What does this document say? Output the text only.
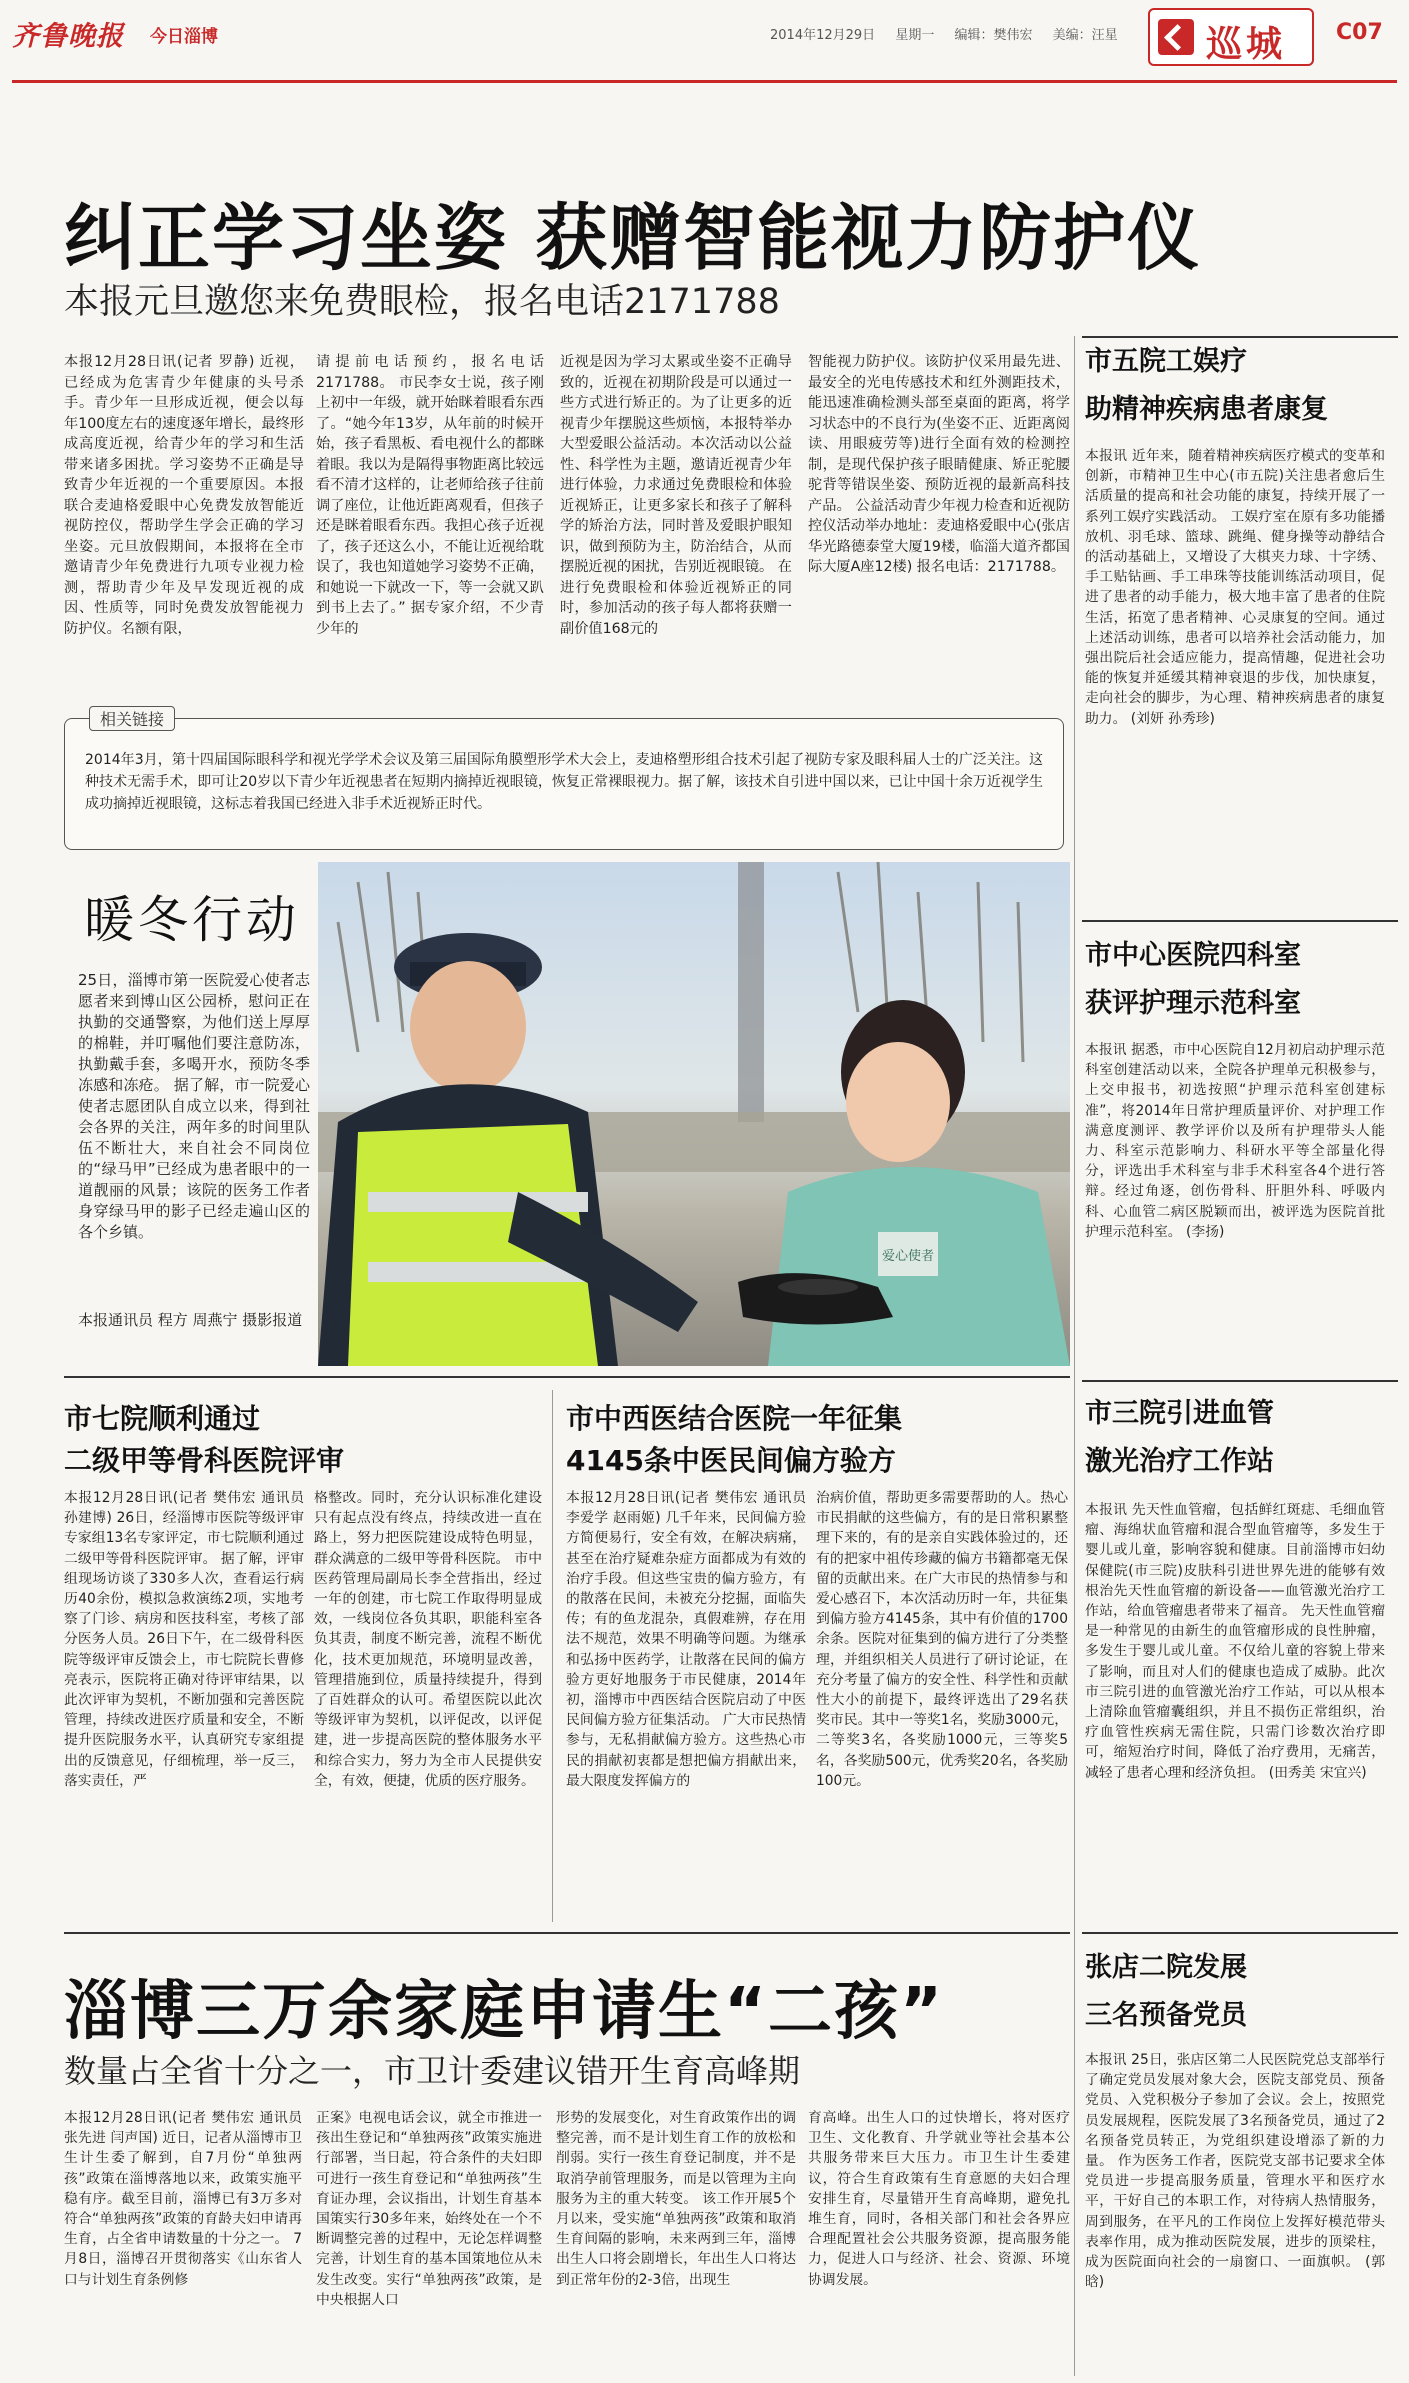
齐鲁晚报 今日淄博	2014年12月29日 星期一 编辑：樊伟宏 美编：汪星	巡城 C07
纠正学习坐姿 获赠智能视力防护仪
本报元旦邀您来免费眼检，报名电话2171788
本报12月28日讯(记者 罗静) 近视，已经成为危害青少年健康的头号杀手。青少年一旦形成近视，便会以每年100度左右的速度逐年增长，最终形成高度近视，给青少年的学习和生活带来诸多困扰。学习姿势不正确是导致青少年近视的一个重要原因。本报联合麦迪格爱眼中心免费发放智能近视防控仪，帮助学生学会正确的学习坐姿。元旦放假期间，本报将在全市邀请青少年免费进行九项专业视力检测，帮助青少年及早发现近视的成因、性质等，同时免费发放智能视力防护仪。名额有限，
请提前电话预约，报名电话2171788。 市民李女士说，孩子刚上初中一年级，就开始眯着眼看东西了。“她今年13岁，从年前的时候开始，孩子看黑板、看电视什么的都眯着眼。我以为是隔得事物距离比较远看不清才这样的，让老师给孩子往前调了座位，让他近距离观看，但孩子还是眯着眼看东西。我担心孩子近视了，孩子还这么小，不能让近视给耽误了，我也知道她学习姿势不正确，和她说一下就改一下，等一会就又趴到书上去了。” 据专家介绍，不少青少年的
近视是因为学习太累或坐姿不正确导致的，近视在初期阶段是可以通过一些方式进行矫正的。为了让更多的近视青少年摆脱这些烦恼，本报特举办大型爱眼公益活动。本次活动以公益性、科学性为主题，邀请近视青少年进行体验，力求通过免费眼检和体验近视矫正，让更多家长和孩子了解科学的矫治方法，同时普及爱眼护眼知识，做到预防为主，防治结合，从而摆脱近视的困扰，告别近视眼镜。 在进行免费眼检和体验近视矫正的同时，参加活动的孩子每人都将获赠一副价值168元的
智能视力防护仪。该防护仪采用最先进、最安全的光电传感技术和红外测距技术，能迅速准确检测头部至桌面的距离，将学习状态中的不良行为(坐姿不正、近距离阅读、用眼疲劳等)进行全面有效的检测控制，是现代保护孩子眼睛健康、矫正驼腰驼背等错误坐姿、预防近视的最新高科技产品。 公益活动青少年视力检查和近视防控仪活动举办地址：麦迪格爱眼中心(张店华光路德泰堂大厦19楼，临淄大道齐都国际大厦A座12楼) 报名电话：2171788。
相关链接
2014年3月，第十四届国际眼科学和视光学学术会议及第三届国际角膜塑形学术大会上，麦迪格塑形组合技术引起了视防专家及眼科届人士的广泛关注。这种技术无需手术，即可让20岁以下青少年近视患者在短期内摘掉近视眼镜，恢复正常裸眼视力。据了解，该技术自引进中国以来，已让中国十余万近视学生成功摘掉近视眼镜，这标志着我国已经进入非手术近视矫正时代。
市五院工娱疗
助精神疾病患者康复
本报讯 近年来，随着精神疾病医疗模式的变革和创新，市精神卫生中心(市五院)关注患者愈后生活质量的提高和社会功能的康复，持续开展了一系列工娱疗实践活动。 工娱疗室在原有多功能播放机、羽毛球、篮球、跳绳、健身操等动静结合的活动基础上，又增设了大棋夹力球、十字绣、手工贴钻画、手工串珠等技能训练活动项目，促进了患者的动手能力，极大地丰富了患者的住院生活，拓宽了患者精神、心灵康复的空间。通过上述活动训练，患者可以培养社会活动能力，加强出院后社会适应能力，提高情趣，促进社会功能的恢复并延缓其精神衰退的步伐，加快康复，走向社会的脚步，为心理、精神疾病患者的康复助力。 (刘妍 孙秀珍)
市中心医院四科室
获评护理示范科室
本报讯 据悉，市中心医院自12月初启动护理示范科室创建活动以来，全院各护理单元积极参与，上交申报书，初选按照“护理示范科室创建标准”，将2014年日常护理质量评价、对护理工作满意度测评、教学评价以及所有护理带头人能力、科室示范影响力、科研水平等全部量化得分，评选出手术科室与非手术科室各4个进行答辩。经过角逐，创伤骨科、肝胆外科、呼吸内科、心血管二病区脱颖而出，被评选为医院首批护理示范科室。 (李扬)
市三院引进血管
激光治疗工作站
本报讯 先天性血管瘤，包括鲜红斑痣、毛细血管瘤、海绵状血管瘤和混合型血管瘤等，多发生于婴儿或儿童，影响容貌和健康。目前淄博市妇幼保健院(市三院)皮肤科引进世界先进的能够有效根治先天性血管瘤的新设备——血管激光治疗工作站，给血管瘤患者带来了福音。 先天性血管瘤是一种常见的由新生的血管瘤形成的良性肿瘤，多发生于婴儿或儿童。不仅给儿童的容貌上带来了影响，而且对人们的健康也造成了威胁。此次市三院引进的血管激光治疗工作站，可以从根本上清除血管瘤囊组织，并且不损伤正常组织，治疗血管性疾病无需住院，只需门诊数次治疗即可，缩短治疗时间，降低了治疗费用，无痛苦，减轻了患者心理和经济负担。 (田秀美 宋宜兴)
张店二院发展
三名预备党员
本报讯 25日，张店区第二人民医院党总支部举行了确定党员发展对象大会，医院支部党员、预备党员、入党积极分子参加了会议。会上，按照党员发展规程，医院发展了3名预备党员，通过了2名预备党员转正，为党组织建设增添了新的力量。 作为医务工作者，医院党支部书记要求全体党员进一步提高服务质量，管理水平和医疗水平，干好自己的本职工作，对待病人热情服务，周到服务，在平凡的工作岗位上发挥好模范带头表率作用，成为推动医院发展，进步的顶梁柱，成为医院面向社会的一扇窗口、一面旗帜。 (郭晗)
暖冬行动
25日，淄博市第一医院爱心使者志愿者来到博山区公园桥，慰问正在执勤的交通警察，为他们送上厚厚的棉鞋，并叮嘱他们要注意防冻，执勤戴手套，多喝开水，预防冬季冻感和冻疮。 据了解，市一院爱心使者志愿团队自成立以来，得到社会各界的关注，两年多的时间里队伍不断壮大，来自社会不同岗位的“绿马甲”已经成为患者眼中的一道靓丽的风景；该院的医务工作者身穿绿马甲的影子已经走遍山区的各个乡镇。
本报通讯员 程方 周燕宁 摄影报道
爱心使者
市七院顺利通过
二级甲等骨科医院评审
本报12月28日讯(记者 樊伟宏 通讯员 孙建博) 26日，经淄博市医院等级评审专家组13名专家评定，市七院顺利通过二级甲等骨科医院评审。 据了解，评审组现场访谈了330多人次，查看运行病历40余份，模拟急救演练2项，实地考察了门诊、病房和医技科室，考核了部分医务人员。26日下午，在二级骨科医院等级评审反馈会上，市七院院长曹修亮表示，医院将正确对待评审结果，以此次评审为契机，不断加强和完善医院管理，持续改进医疗质量和安全，不断提升医院服务水平，认真研究专家组提出的反馈意见，仔细梳理，举一反三，落实责任，严
格整改。同时，充分认识标准化建设只有起点没有终点，持续改进一直在路上，努力把医院建设成特色明显，群众满意的二级甲等骨科医院。 市中医药管理局副局长李全营指出，经过一年的创建，市七院工作取得明显成效，一线岗位各负其职，职能科室各负其责，制度不断完善，流程不断优化，技术更加规范，环境明显改善，管理措施到位，质量持续提升，得到了百姓群众的认可。希望医院以此次等级评审为契机，以评促改，以评促建，进一步提高医院的整体服务水平和综合实力，努力为全市人民提供安全，有效，便捷，优质的医疗服务。
市中西医结合医院一年征集
4145条中医民间偏方验方
本报12月28日讯(记者 樊伟宏 通讯员 李爱学 赵雨姬) 几千年来，民间偏方验方简便易行，安全有效，在解决病痛，甚至在治疗疑难杂症方面都成为有效的治疗手段。但这些宝贵的偏方验方，有的散落在民间，未被充分挖掘，面临失传；有的鱼龙混杂，真假难辨，存在用法不规范，效果不明确等问题。为继承和弘扬中医药学，让散落在民间的偏方验方更好地服务于市民健康，2014年初，淄博市中西医结合医院启动了中医民间偏方验方征集活动。 广大市民热情参与，无私捐献偏方验方。这些热心市民的捐献初衷都是想把偏方捐献出来，最大限度发挥偏方的
治病价值，帮助更多需要帮助的人。热心市民捐献的这些偏方，有的是日常积累整理下来的，有的是亲自实践体验过的，还有的把家中祖传珍藏的偏方书籍都毫无保留的贡献出来。在广大市民的热情参与和爱心感召下，本次活动历时一年，共征集到偏方验方4145条，其中有价值的1700余条。医院对征集到的偏方进行了分类整理，并组织相关人员进行了研讨论证，在充分考量了偏方的安全性、科学性和贡献性大小的前提下，最终评选出了29名获奖市民。其中一等奖1名，奖励3000元，二等奖3名，各奖励1000元，三等奖5名，各奖励500元，优秀奖20名，各奖励100元。
淄博三万余家庭申请生“二孩”
数量占全省十分之一，市卫计委建议错开生育高峰期
本报12月28日讯(记者 樊伟宏 通讯员 张先进 闫声国) 近日，记者从淄博市卫生计生委了解到，自7月份“单独两孩”政策在淄博落地以来，政策实施平稳有序。截至目前，淄博已有3万多对符合“单独两孩”政策的育龄夫妇申请再生育，占全省申请数量的十分之一。 7月8日，淄博召开贯彻落实《山东省人口与计划生育条例修
正案》电视电话会议，就全市推进一孩出生登记和“单独两孩”政策实施进行部署，当日起，符合条件的夫妇即可进行一孩生育登记和“单独两孩”生育证办理，会议指出，计划生育基本国策实行30多年来，始终处在一个不断调整完善的过程中，无论怎样调整完善，计划生育的基本国策地位从未发生改变。实行“单独两孩”政策，是中央根据人口
形势的发展变化，对生育政策作出的调整完善，而不是计划生育工作的放松和削弱。实行一孩生育登记制度，并不是取消孕前管理服务，而是以管理为主向服务为主的重大转变。 该工作开展5个月以来，受实施“单独两孩”政策和取消生育间隔的影响，未来两到三年，淄博出生人口将会剧增长，年出生人口将达到正常年份的2-3倍，出现生
育高峰。出生人口的过快增长，将对医疗卫生、文化教育、升学就业等社会基本公共服务带来巨大压力。市卫生计生委建议，符合生育政策有生育意愿的夫妇合理安排生育，尽量错开生育高峰期，避免扎堆生育，同时，各相关部门和社会各界应合理配置社会公共服务资源，提高服务能力，促进人口与经济、社会、资源、环境协调发展。
